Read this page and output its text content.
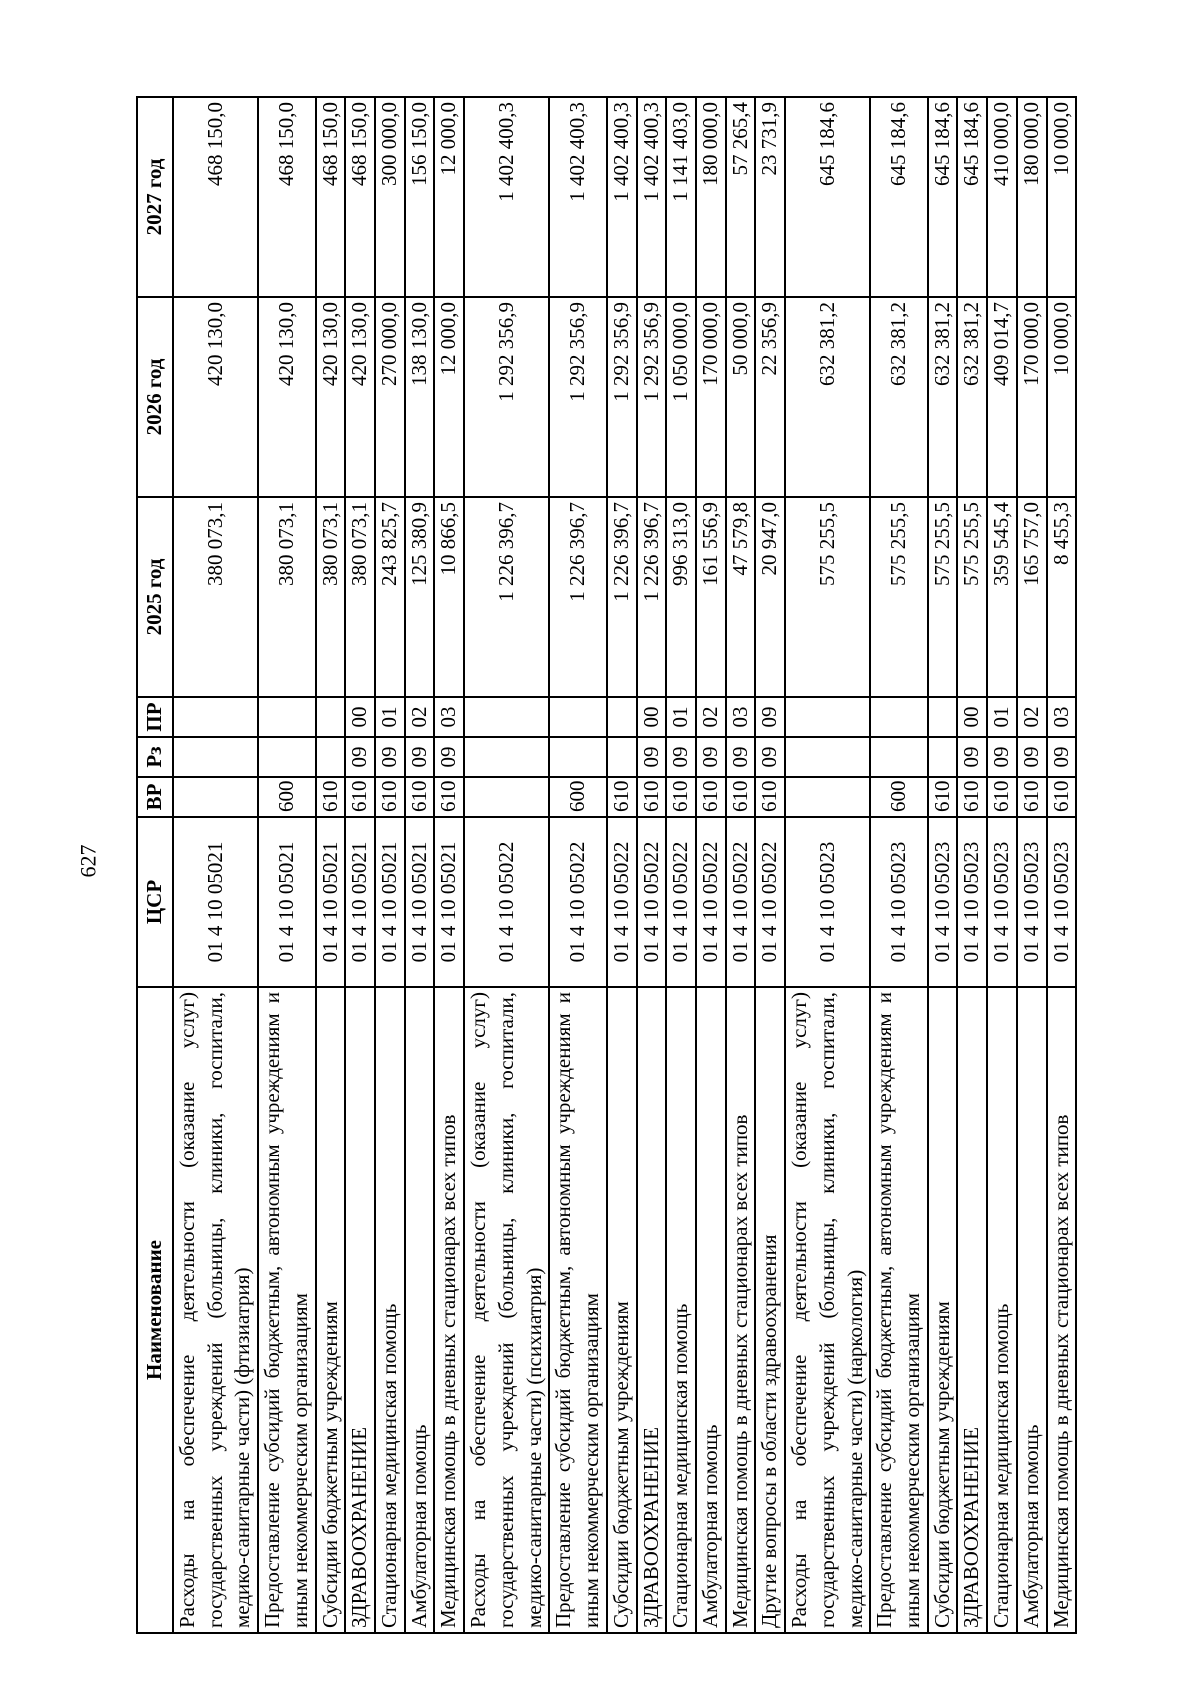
627
Наименование	ЦСР	ВР	Рз	ПР	2025 год	2026 год	2027 год
Расходы на обеспечение деятельности (оказание услуг) государственных учреждений (больницы, клиники, госпитали, медико-санитарные части) (фтизиатрия)	01 4 10 05021				380 073,1	420 130,0	468 150,0
Предоставление субсидий бюджетным, автономным учреждениям и иным некоммерческим организациям	01 4 10 05021	600			380 073,1	420 130,0	468 150,0
Субсидии бюджетным учреждениям	01 4 10 05021	610			380 073,1	420 130,0	468 150,0
ЗДРАВООХРАНЕНИЕ	01 4 10 05021	610	09	00	380 073,1	420 130,0	468 150,0
Стационарная медицинская помощь	01 4 10 05021	610	09	01	243 825,7	270 000,0	300 000,0
Амбулаторная помощь	01 4 10 05021	610	09	02	125 380,9	138 130,0	156 150,0
Медицинская помощь в дневных стационарах всех типов	01 4 10 05021	610	09	03	10 866,5	12 000,0	12 000,0
Расходы на обеспечение деятельности (оказание услуг) государственных учреждений (больницы, клиники, госпитали, медико-санитарные части) (психиатрия)	01 4 10 05022				1 226 396,7	1 292 356,9	1 402 400,3
Предоставление субсидий бюджетным, автономным учреждениям и иным некоммерческим организациям	01 4 10 05022	600			1 226 396,7	1 292 356,9	1 402 400,3
Субсидии бюджетным учреждениям	01 4 10 05022	610			1 226 396,7	1 292 356,9	1 402 400,3
ЗДРАВООХРАНЕНИЕ	01 4 10 05022	610	09	00	1 226 396,7	1 292 356,9	1 402 400,3
Стационарная медицинская помощь	01 4 10 05022	610	09	01	996 313,0	1 050 000,0	1 141 403,0
Амбулаторная помощь	01 4 10 05022	610	09	02	161 556,9	170 000,0	180 000,0
Медицинская помощь в дневных стационарах всех типов	01 4 10 05022	610	09	03	47 579,8	50 000,0	57 265,4
Другие вопросы в области здравоохранения	01 4 10 05022	610	09	09	20 947,0	22 356,9	23 731,9
Расходы на обеспечение деятельности (оказание услуг) государственных учреждений (больницы, клиники, госпитали, медико-санитарные части) (наркология)	01 4 10 05023				575 255,5	632 381,2	645 184,6
Предоставление субсидий бюджетным, автономным учреждениям и иным некоммерческим организациям	01 4 10 05023	600			575 255,5	632 381,2	645 184,6
Субсидии бюджетным учреждениям	01 4 10 05023	610			575 255,5	632 381,2	645 184,6
ЗДРАВООХРАНЕНИЕ	01 4 10 05023	610	09	00	575 255,5	632 381,2	645 184,6
Стационарная медицинская помощь	01 4 10 05023	610	09	01	359 545,4	409 014,7	410 000,0
Амбулаторная помощь	01 4 10 05023	610	09	02	165 757,0	170 000,0	180 000,0
Медицинская помощь в дневных стационарах всех типов	01 4 10 05023	610	09	03	8 455,3	10 000,0	10 000,0
